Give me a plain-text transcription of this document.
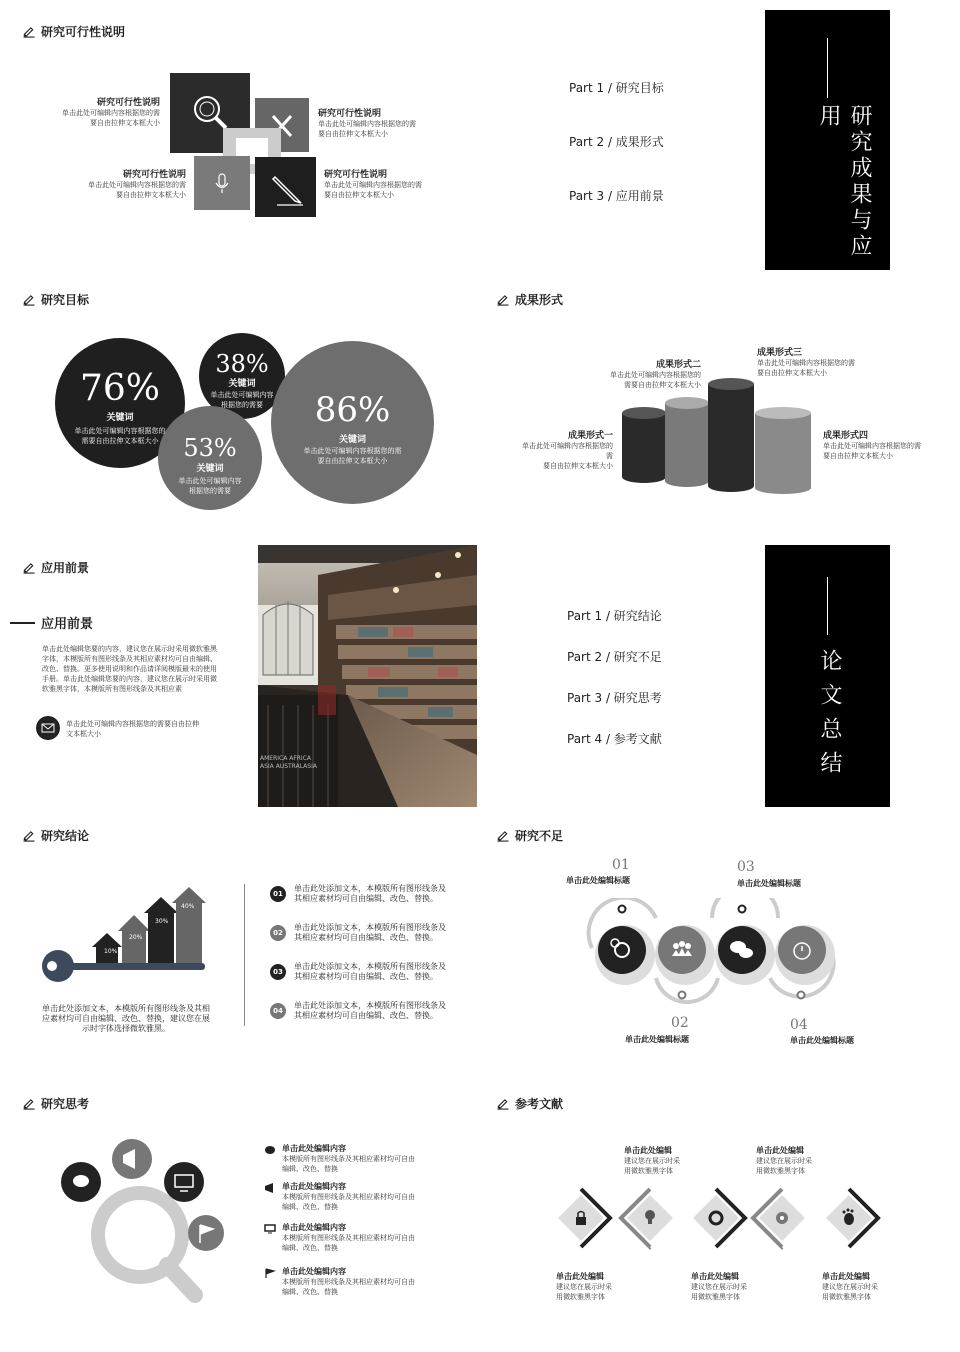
研究可行性说明
研究可行性说明
单击此处可编辑内容根据您的需
要自由拉伸文本框大小
研究可行性说明
单击此处可编辑内容根据您的需
要自由拉伸文本框大小
研究可行性说明
单击此处可编辑内容根据您的需
要自由拉伸文本框大小
研究可行性说明
单击此处可编辑内容根据您的需
要自由拉伸文本框大小
Part 1 / 研究目标
Part 2 / 成果形式
Part 3 / 应用前景	研究成果与应用
研究目标
76%
关键词
单击此处可编辑内容根据您的
需要自由拉伸文本框大小
38%
关键词
单击此处可编辑内容
根据您的需要
53%
关键词
单击此处可编辑内容
根据您的需要
86%
关键词
单击此处可编辑内容根据您的需
要自由拉伸文本框大小
成果形式
成果形式一
单击此处可编辑内容根据您的需
要自由拉伸文本框大小
成果形式二
单击此处可编辑内容根据您的
需要自由拉伸文本框大小
成果形式三
单击此处可编辑内容根据您的需
要自由拉伸文本框大小
成果形式四
单击此处可编辑内容根据您的需
要自由拉伸文本框大小
应用前景
应用前景
单击此处编辑您要的内容，建议您在展示时采用微软雅黑
字体，本模版所有图形线条及其相应素材均可自由编辑、
改色、替换。更多使用说明和作品请详阅模版最末的使用
手册。单击此处编辑您要的内容，建议您在展示时采用微
软雅黑字体，本模版所有图形线条及其相应素
单击此处可编辑内容根据您的需要自由拉伸
文本框大小
AMERICA AFRICA
ASIA AUSTRALASIA
Part 1 / 研究结论
Part 2 / 研究不足
Part 3 / 研究思考
Part 4 / 参考文献	论文总结
研究结论
10%
20%
30%
40%
单击此处添加文本，本模版所有图形线条及其相
应素材均可自由编辑、改色、替换，建议您在展
示时字体选择微软雅黑。
01
单击此处添加文本，本模版所有图形线条及
其相应素材均可自由编辑、改色、替换。
02
单击此处添加文本，本模版所有图形线条及
其相应素材均可自由编辑、改色、替换。
03
单击此处添加文本，本模版所有图形线条及
其相应素材均可自由编辑、改色、替换。
04
单击此处添加文本，本模版所有图形线条及
其相应素材均可自由编辑、改色、替换。
研究不足
01
单击此处编辑标题
02
单击此处编辑标题
03
单击此处编辑标题
04
单击此处编辑标题
研究思考
单击此处编辑内容
本模版所有图形线条及其相应素材均可自由
编辑、改色、替换
单击此处编辑内容
本模版所有图形线条及其相应素材均可自由
编辑、改色、替换
单击此处编辑内容
本模版所有图形线条及其相应素材均可自由
编辑、改色、替换
单击此处编辑内容
本模版所有图形线条及其相应素材均可自由
编辑、改色、替换
参考文献
单击此处编辑
建议您在展示时采
用微软雅黑字体
单击此处编辑
建议您在展示时采
用微软雅黑字体
单击此处编辑
建议您在展示时采
用微软雅黑字体
单击此处编辑
建议您在展示时采
用微软雅黑字体
单击此处编辑
建议您在展示时采
用微软雅黑字体
